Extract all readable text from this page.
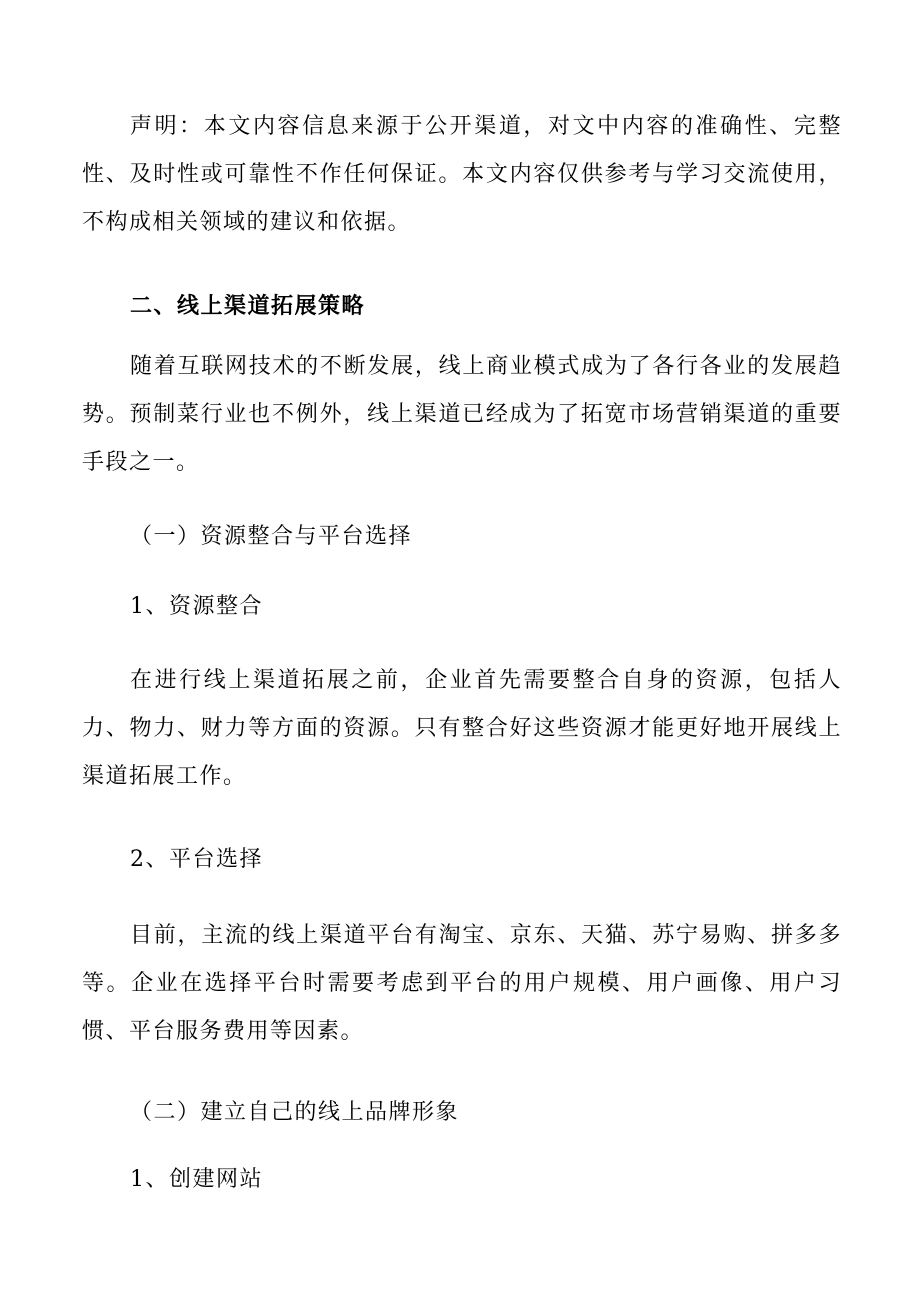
声明：本文内容信息来源于公开渠道，对文中内容的准确性、完整性、及时性或可靠性不作任何保证。本文内容仅供参考与学习交流使用，不构成相关领域的建议和依据。

二、线上渠道拓展策略

随着互联网技术的不断发展，线上商业模式成为了各行各业的发展趋势。预制菜行业也不例外，线上渠道已经成为了拓宽市场营销渠道的重要手段之一。

（一）资源整合与平台选择

1、资源整合

在进行线上渠道拓展之前，企业首先需要整合自身的资源，包括人力、物力、财力等方面的资源。只有整合好这些资源才能更好地开展线上渠道拓展工作。

2、平台选择

目前，主流的线上渠道平台有淘宝、京东、天猫、苏宁易购、拼多多等。企业在选择平台时需要考虑到平台的用户规模、用户画像、用户习惯、平台服务费用等因素。

（二）建立自己的线上品牌形象

1、创建网站
